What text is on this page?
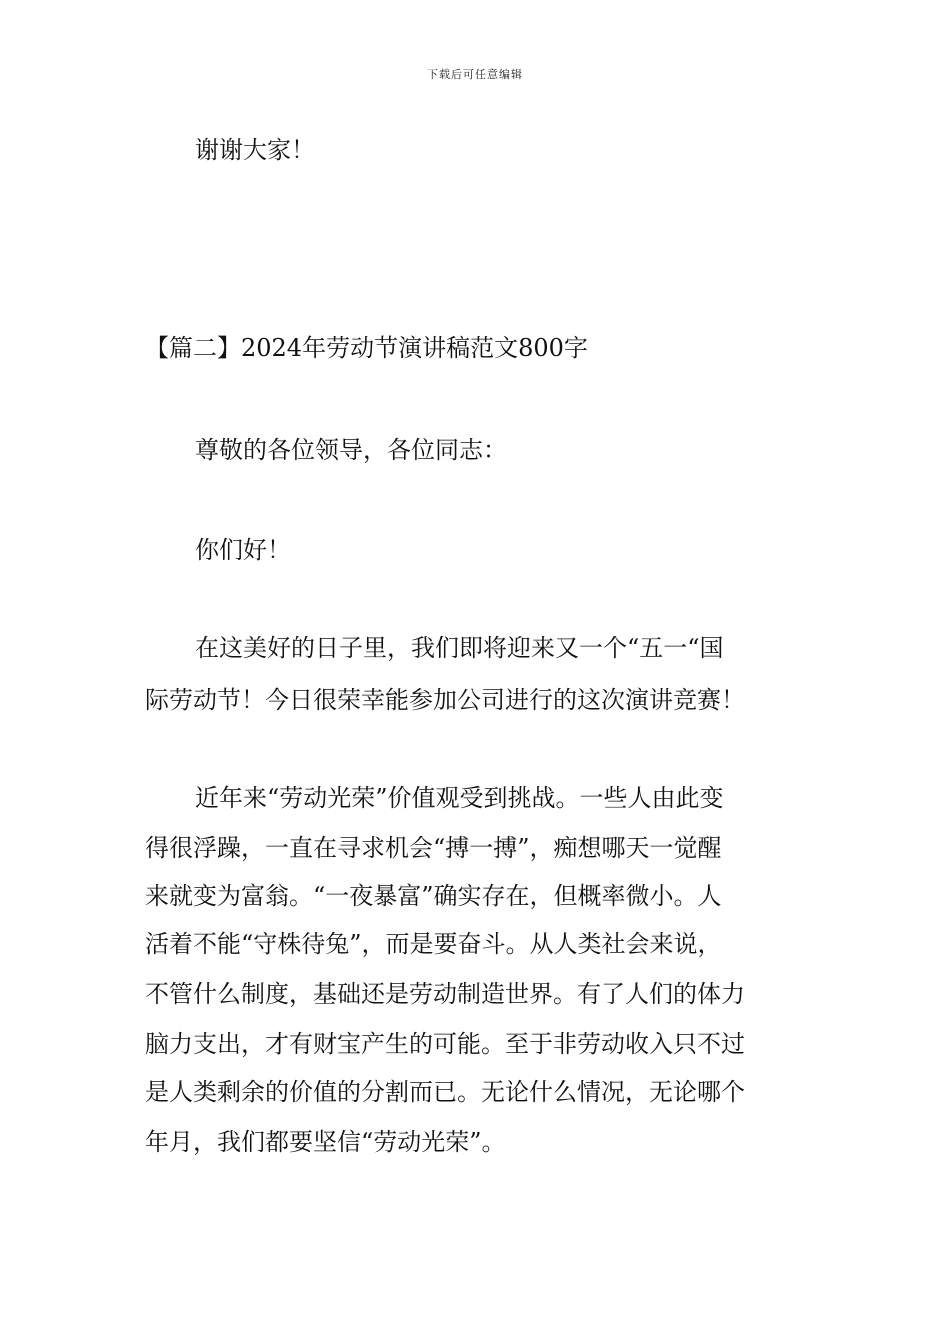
下载后可任意编辑
谢谢大家！
【篇二】2024年劳动节演讲稿范文800字
尊敬的各位领导，各位同志：
你们好！
在这美好的日子里，我们即将迎来又一个“五一“国
际劳动节！今日很荣幸能参加公司进行的这次演讲竞赛！
近年来“劳动光荣”价值观受到挑战。一些人由此变
得很浮躁，一直在寻求机会“搏一搏”，痴想哪天一觉醒
来就变为富翁。“一夜暴富”确实存在，但概率微小。人
活着不能“守株待兔”，而是要奋斗。从人类社会来说，
不管什么制度，基础还是劳动制造世界。有了人们的体力
脑力支出，才有财宝产生的可能。至于非劳动收入只不过
是人类剩余的价值的分割而已。无论什么情况，无论哪个
年月，我们都要坚信“劳动光荣”。
